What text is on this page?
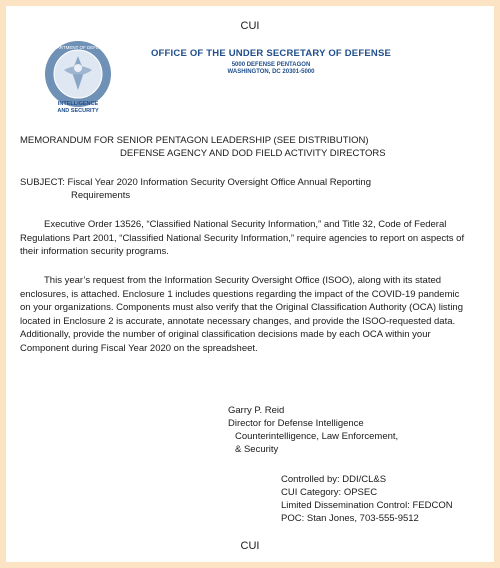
CUI
DEPARTMENT OF DEFENSE
INTELLIGENCE
AND SECURITY
OFFICE OF THE UNDER SECRETARY OF DEFENSE
5000 DEFENSE PENTAGON
WASHINGTON, DC 20301-5000
MEMORANDUM FOR SENIOR PENTAGON LEADERSHIP (SEE DISTRIBUTION)
DEFENSE AGENCY AND DOD FIELD ACTIVITY DIRECTORS
SUBJECT: Fiscal Year 2020 Information Security Oversight Office Annual Reporting
Requirements
Executive Order 13526, “Classified National Security Information,” and Title 32, Code of Federal Regulations Part 2001, “Classified National Security Information,” require agencies to report on aspects of their information security programs.
This year’s request from the Information Security Oversight Office (ISOO), along with its stated enclosures, is attached. Enclosure 1 includes questions regarding the impact of the COVID-19 pandemic on your organizations. Components must also verify that the Original Classification Authority (OCA) listing located in Enclosure 2 is accurate, annotate necessary changes, and provide the ISOO-requested data. Additionally, provide the number of original classification decisions made by each OCA within your Component during Fiscal Year 2020 on the spreadsheet.
Garry P. Reid
Director for Defense Intelligence
Counterintelligence, Law Enforcement,
& Security
Controlled by: DDI/CL&S
CUI Category: OPSEC
Limited Dissemination Control: FEDCON
POC: Stan Jones, 703-555-9512
CUI
